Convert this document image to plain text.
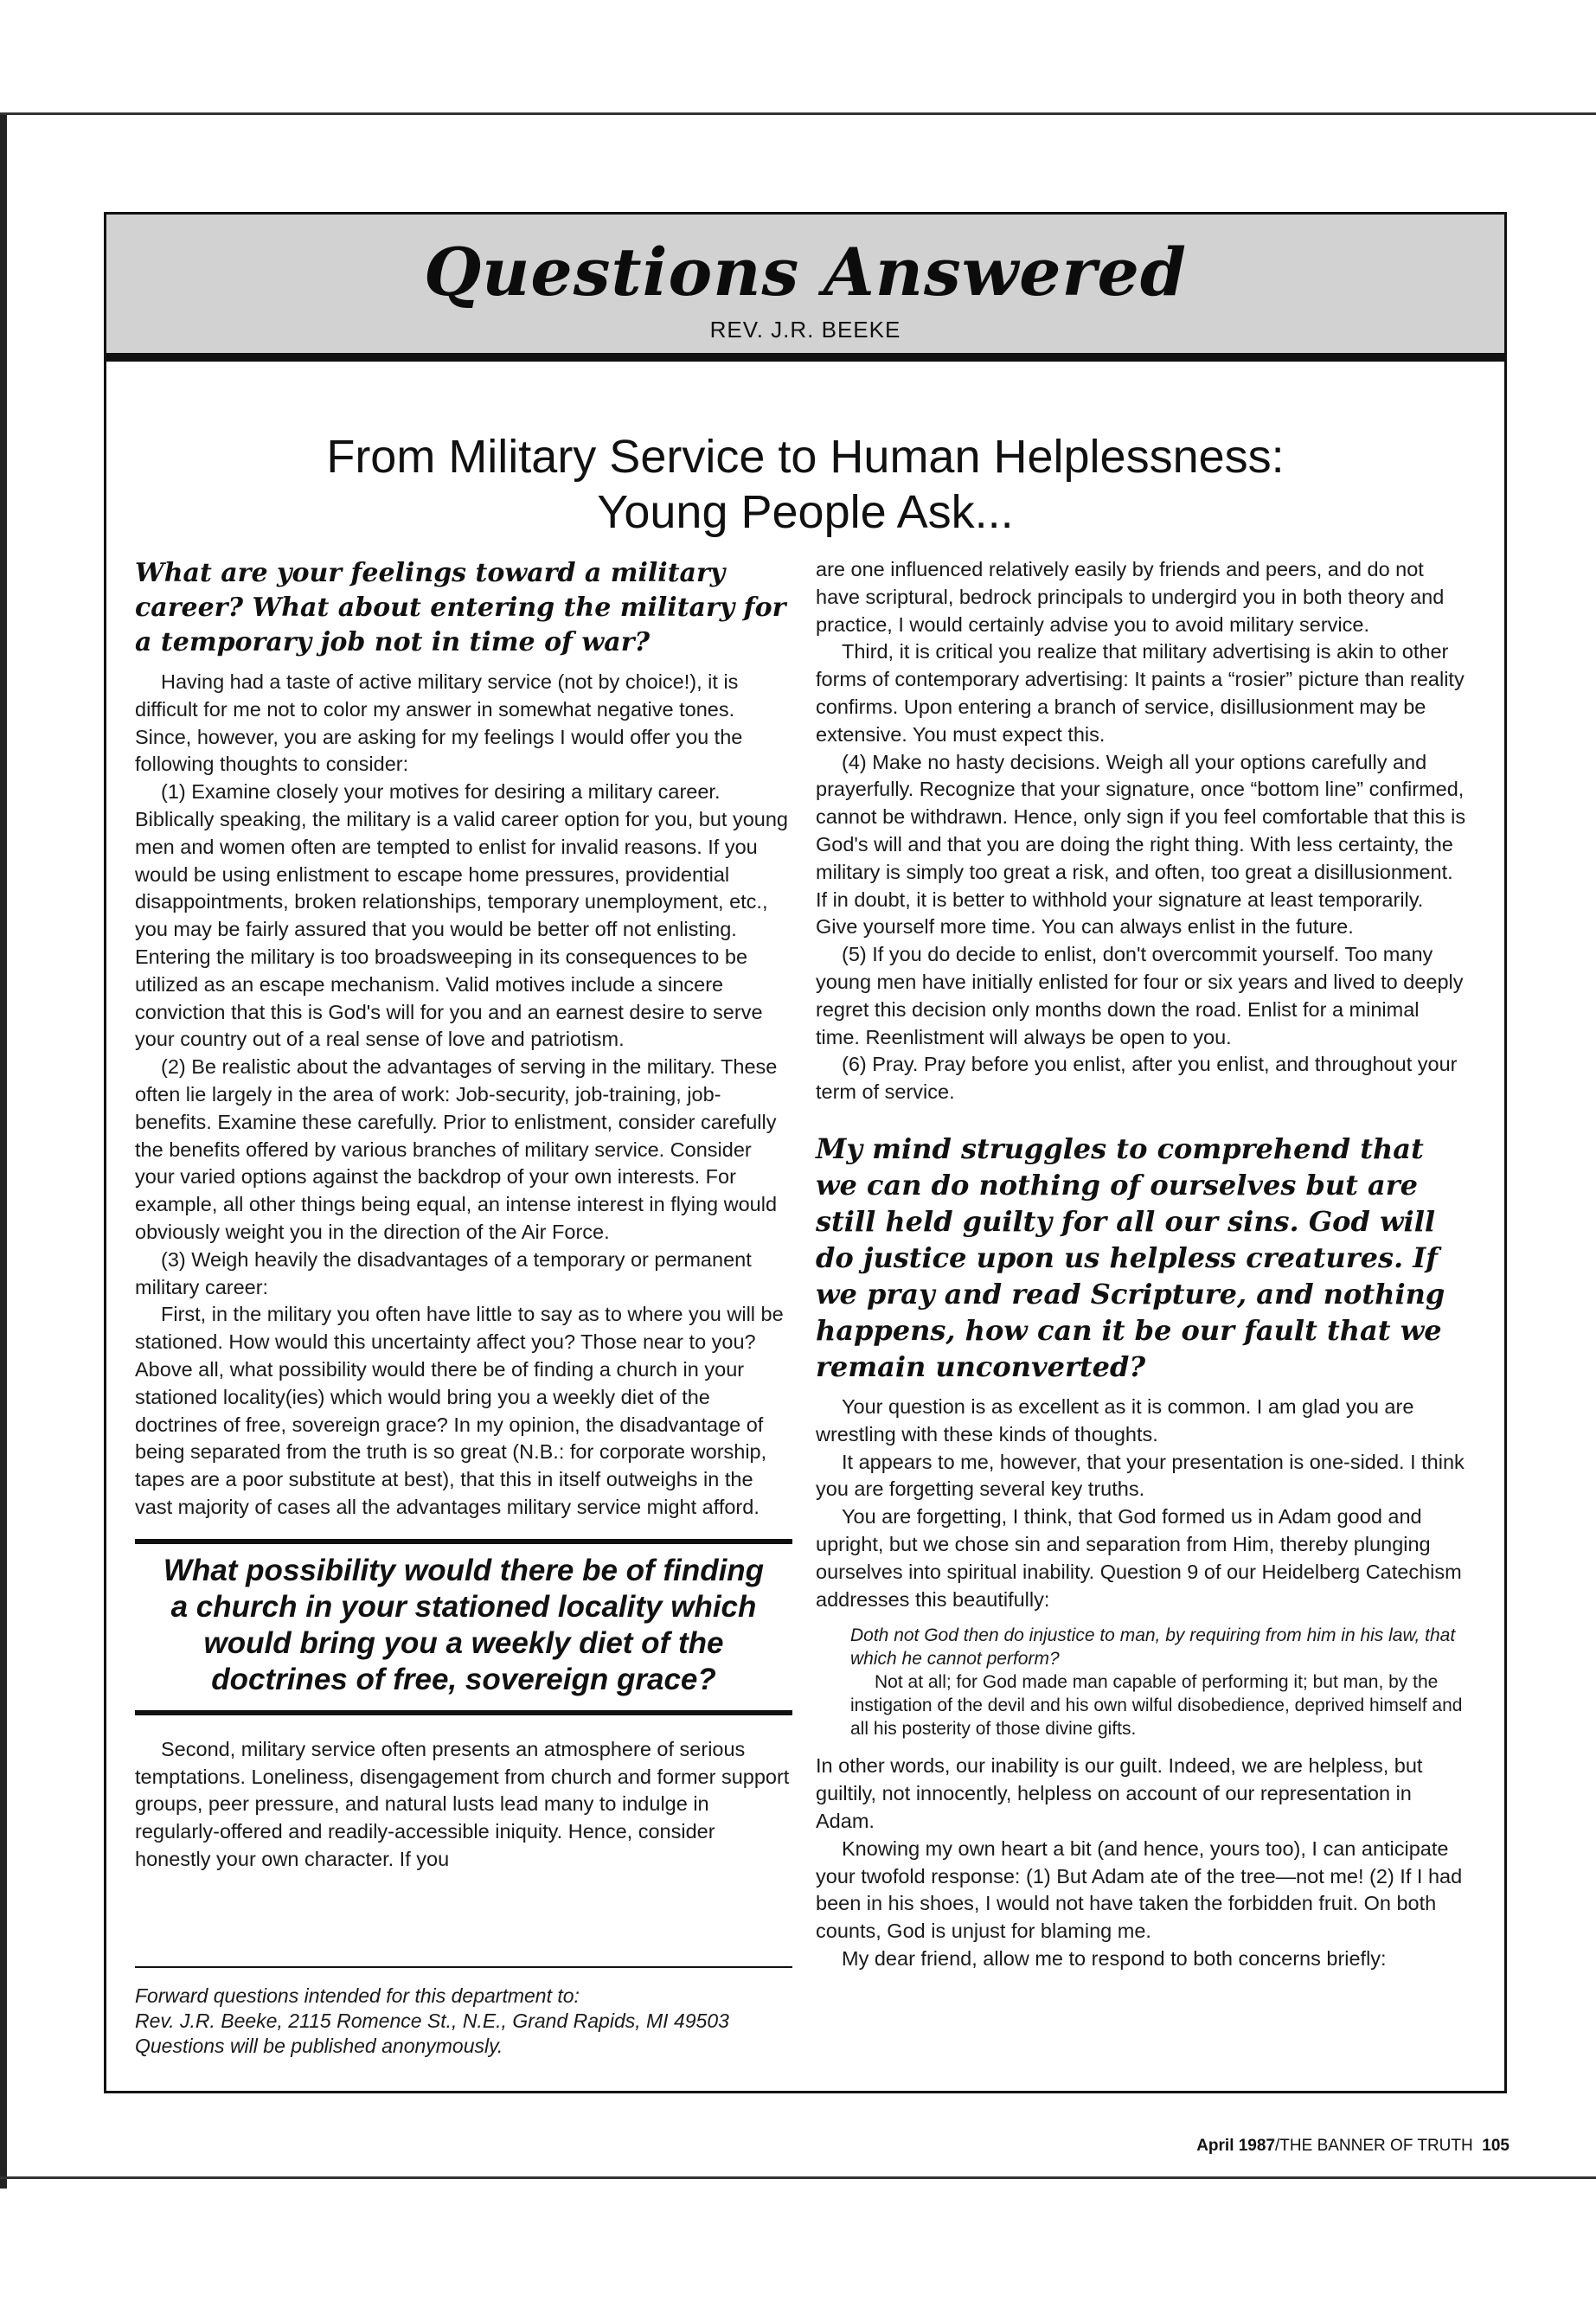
Questions Answered
REV. J.R. BEEKE
From Military Service to Human Helplessness:
Young People Ask...
What are your feelings toward a military career? What about entering the military for a temporary job not in time of war?

Having had a taste of active military service (not by choice!), it is difficult for me not to color my answer in somewhat negative tones. Since, however, you are asking for my feelings I would offer you the following thoughts to consider:

(1) Examine closely your motives for desiring a military career. Biblically speaking, the military is a valid career option for you, but young men and women often are tempted to enlist for invalid reasons. If you would be using enlistment to escape home pressures, providential disappointments, broken relationships, temporary unemployment, etc., you may be fairly assured that you would be better off not enlisting. Entering the military is too broadsweeping in its consequences to be utilized as an escape mechanism. Valid motives include a sincere conviction that this is God's will for you and an earnest desire to serve your country out of a real sense of love and patriotism.

(2) Be realistic about the advantages of serving in the military. These often lie largely in the area of work: Job-security, job-training, job-benefits. Examine these carefully. Prior to enlistment, consider carefully the benefits offered by various branches of military service. Consider your varied options against the backdrop of your own interests. For example, all other things being equal, an intense interest in flying would obviously weight you in the direction of the Air Force.

(3) Weigh heavily the disadvantages of a temporary or permanent military career:

First, in the military you often have little to say as to where you will be stationed. How would this uncertainty affect you? Those near to you? Above all, what possibility would there be of finding a church in your stationed locality(ies) which would bring you a weekly diet of the doctrines of free, sovereign grace? In my opinion, the disadvantage of being separated from the truth is so great (N.B.: for corporate worship, tapes are a poor substitute at best), that this in itself outweighs in the vast majority of cases all the advantages military service might afford.

What possibility would there be of finding a church in your stationed locality which would bring you a weekly diet of the doctrines of free, sovereign grace?

Second, military service often presents an atmosphere of serious temptations. Loneliness, disengagement from church and former support groups, peer pressure, and natural lusts lead many to indulge in regularly-offered and readily-accessible iniquity. Hence, consider honestly your own character. If you

Forward questions intended for this department to:
Rev. J.R. Beeke, 2115 Romence St., N.E., Grand Rapids, MI 49503
Questions will be published anonymously.

are one influenced relatively easily by friends and peers, and do not have scriptural, bedrock principals to undergird you in both theory and practice, I would certainly advise you to avoid military service.

Third, it is critical you realize that military advertising is akin to other forms of contemporary advertising: It paints a “rosier” picture than reality confirms. Upon entering a branch of service, disillusionment may be extensive. You must expect this.

(4) Make no hasty decisions. Weigh all your options carefully and prayerfully. Recognize that your signature, once “bottom line” confirmed, cannot be withdrawn. Hence, only sign if you feel comfortable that this is God's will and that you are doing the right thing. With less certainty, the military is simply too great a risk, and often, too great a disillusionment. If in doubt, it is better to withhold your signature at least temporarily. Give yourself more time. You can always enlist in the future.

(5) If you do decide to enlist, don't overcommit yourself. Too many young men have initially enlisted for four or six years and lived to deeply regret this decision only months down the road. Enlist for a minimal time. Reenlistment will always be open to you.

(6) Pray. Pray before you enlist, after you enlist, and throughout your term of service.

My mind struggles to comprehend that we can do nothing of ourselves but are still held guilty for all our sins. God will do justice upon us helpless creatures. If we pray and read Scripture, and nothing happens, how can it be our fault that we remain unconverted?

Your question is as excellent as it is common. I am glad you are wrestling with these kinds of thoughts.

It appears to me, however, that your presentation is one-sided. I think you are forgetting several key truths.

You are forgetting, I think, that God formed us in Adam good and upright, but we chose sin and separation from Him, thereby plunging ourselves into spiritual inability. Question 9 of our Heidelberg Catechism addresses this beautifully:

Doth not God then do injustice to man, by requiring from him in his law, that which he cannot perform?
Not at all; for God made man capable of performing it; but man, by the instigation of the devil and his own wilful disobedience, deprived himself and all his posterity of those divine gifts.

In other words, our inability is our guilt. Indeed, we are helpless, but guiltily, not innocently, helpless on account of our representation in Adam.

Knowing my own heart a bit (and hence, yours too), I can anticipate your twofold response: (1) But Adam ate of the tree—not me! (2) If I had been in his shoes, I would not have taken the forbidden fruit. On both counts, God is unjust for blaming me.

My dear friend, allow me to respond to both concerns briefly:

April 1987/THE BANNER OF TRUTH 105
